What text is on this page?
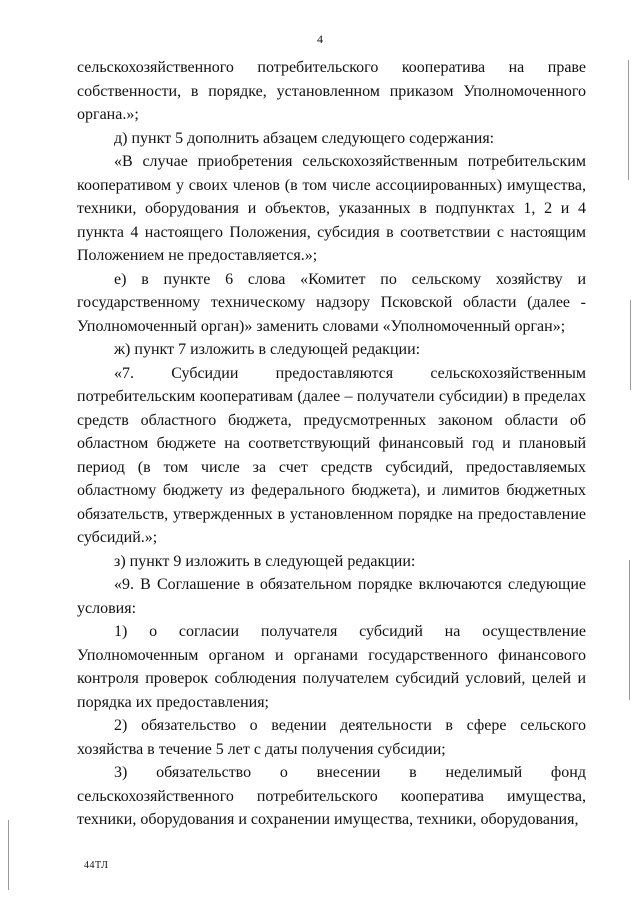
4

сельскохозяйственного потребительского кооператива на праве собственности, в порядке, установленном приказом Уполномоченного органа.»;

д) пункт 5 дополнить абзацем следующего содержания:

«В случае приобретения сельскохозяйственным потребительским кооперативом у своих членов (в том числе ассоциированных) имущества, техники, оборудования и объектов, указанных в подпунктах 1, 2 и 4 пункта 4 настоящего Положения, субсидия в соответствии с настоящим Положением не предоставляется.»;

е) в пункте 6 слова «Комитет по сельскому хозяйству и государственному техническому надзору Псковской области (далее - Уполномоченный орган)» заменить словами «Уполномоченный орган»;

ж) пункт 7 изложить в следующей редакции:

«7. Субсидии предоставляются сельскохозяйственным потребительским кооперативам (далее – получатели субсидии) в пределах средств областного бюджета, предусмотренных законом области об областном бюджете на соответствующий финансовый год и плановый период (в том числе за счет средств субсидий, предоставляемых областному бюджету из федерального бюджета), и лимитов бюджетных обязательств, утвержденных в установленном порядке на предоставление субсидий.»;

з) пункт 9 изложить в следующей редакции:

«9. В Соглашение в обязательном порядке включаются следующие условия:

1) о согласии получателя субсидий на осуществление Уполномоченным органом и органами государственного финансового контроля проверок соблюдения получателем субсидий условий, целей и порядка их предоставления;

2) обязательство о ведении деятельности в сфере сельского хозяйства в течение 5 лет с даты получения субсидии;

3) обязательство о внесении в неделимый фонд сельскохозяйственного потребительского кооператива имущества, техники, оборудования и сохранении имущества, техники, оборудования,

44ТЛ
